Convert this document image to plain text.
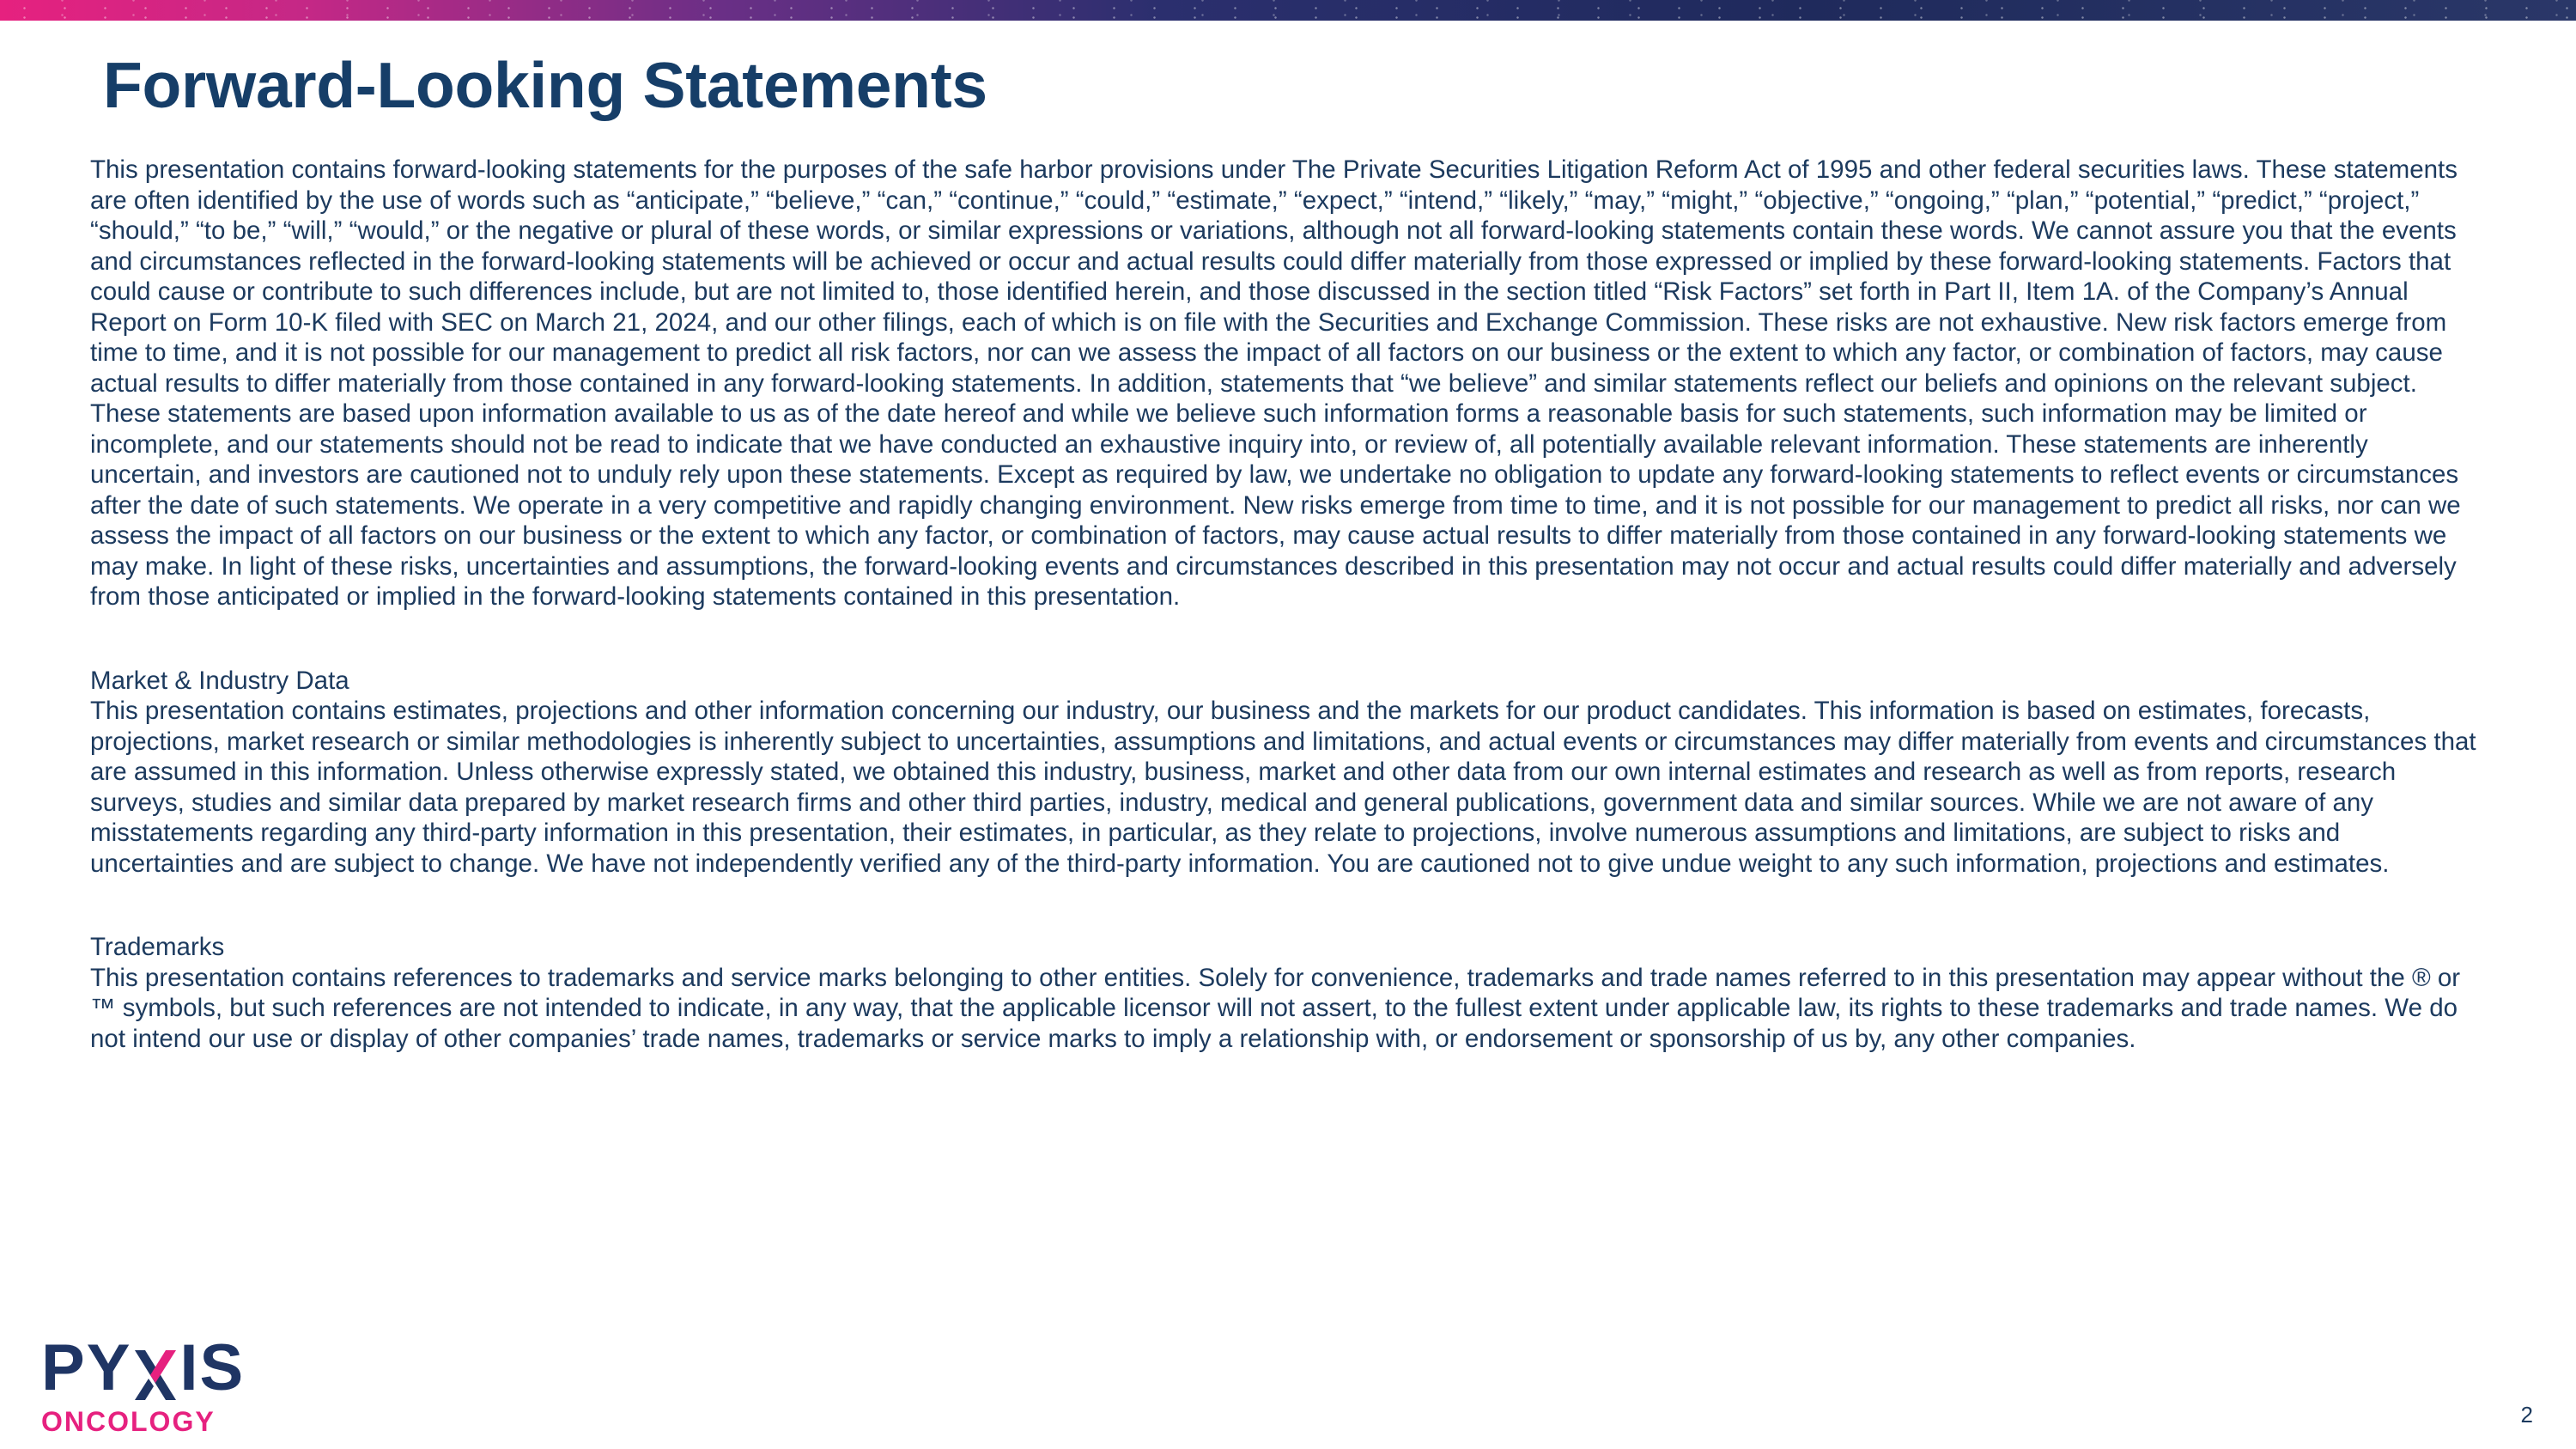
Forward-Looking Statements

This presentation contains forward-looking statements for the purposes of the safe harbor provisions under The Private Securities Litigation Reform Act of 1995 and other federal securities laws. These statements are often identified by the use of words such as “anticipate,” “believe,” “can,” “continue,” “could,” “estimate,” “expect,” “intend,” “likely,” “may,” “might,” “objective,” “ongoing,” “plan,” “potential,” “predict,” “project,” “should,” “to be,” “will,” “would,” or the negative or plural of these words, or similar expressions or variations, although not all forward-looking statements contain these words. We cannot assure you that the events and circumstances reflected in the forward-looking statements will be achieved or occur and actual results could differ materially from those expressed or implied by these forward-looking statements. Factors that could cause or contribute to such differences include, but are not limited to, those identified herein, and those discussed in the section titled “Risk Factors” set forth in Part II, Item 1A. of the Company’s Annual Report on Form 10-K filed with SEC on March 21, 2024, and our other filings, each of which is on file with the Securities and Exchange Commission. These risks are not exhaustive. New risk factors emerge from time to time, and it is not possible for our management to predict all risk factors, nor can we assess the impact of all factors on our business or the extent to which any factor, or combination of factors, may cause actual results to differ materially from those contained in any forward-looking statements. In addition, statements that “we believe” and similar statements reflect our beliefs and opinions on the relevant subject. These statements are based upon information available to us as of the date hereof and while we believe such information forms a reasonable basis for such statements, such information may be limited or incomplete, and our statements should not be read to indicate that we have conducted an exhaustive inquiry into, or review of, all potentially available relevant information. These statements are inherently uncertain, and investors are cautioned not to unduly rely upon these statements. Except as required by law, we undertake no obligation to update any forward-looking statements to reflect events or circumstances after the date of such statements. We operate in a very competitive and rapidly changing environment. New risks emerge from time to time, and it is not possible for our management to predict all risks, nor can we assess the impact of all factors on our business or the extent to which any factor, or combination of factors, may cause actual results to differ materially from those contained in any forward-looking statements we may make. In light of these risks, uncertainties and assumptions, the forward-looking events and circumstances described in this presentation may not occur and actual results could differ materially and adversely from those anticipated or implied in the forward-looking statements contained in this presentation.

Market & Industry Data

This presentation contains estimates, projections and other information concerning our industry, our business and the markets for our product candidates. This information is based on estimates, forecasts, projections, market research or similar methodologies is inherently subject to uncertainties, assumptions and limitations, and actual events or circumstances may differ materially from events and circumstances that are assumed in this information. Unless otherwise expressly stated, we obtained this industry, business, market and other data from our own internal estimates and research as well as from reports, research surveys, studies and similar data prepared by market research firms and other third parties, industry, medical and general publications, government data and similar sources. While we are not aware of any misstatements regarding any third-party information in this presentation, their estimates, in particular, as they relate to projections, involve numerous assumptions and limitations, are subject to risks and uncertainties and are subject to change. We have not independently verified any of the third-party information. You are cautioned not to give undue weight to any such information, projections and estimates.

Trademarks

This presentation contains references to trademarks and service marks belonging to other entities. Solely for convenience, trademarks and trade names referred to in this presentation may appear without the ® or ™ symbols, but such references are not intended to indicate, in any way, that the applicable licensor will not assert, to the fullest extent under applicable law, its rights to these trademarks and trade names. We do not intend our use or display of other companies’ trade names, trademarks or service marks to imply a relationship with, or endorsement or sponsorship of us by, any other companies.

PY IS
ONCOLOGY	2
